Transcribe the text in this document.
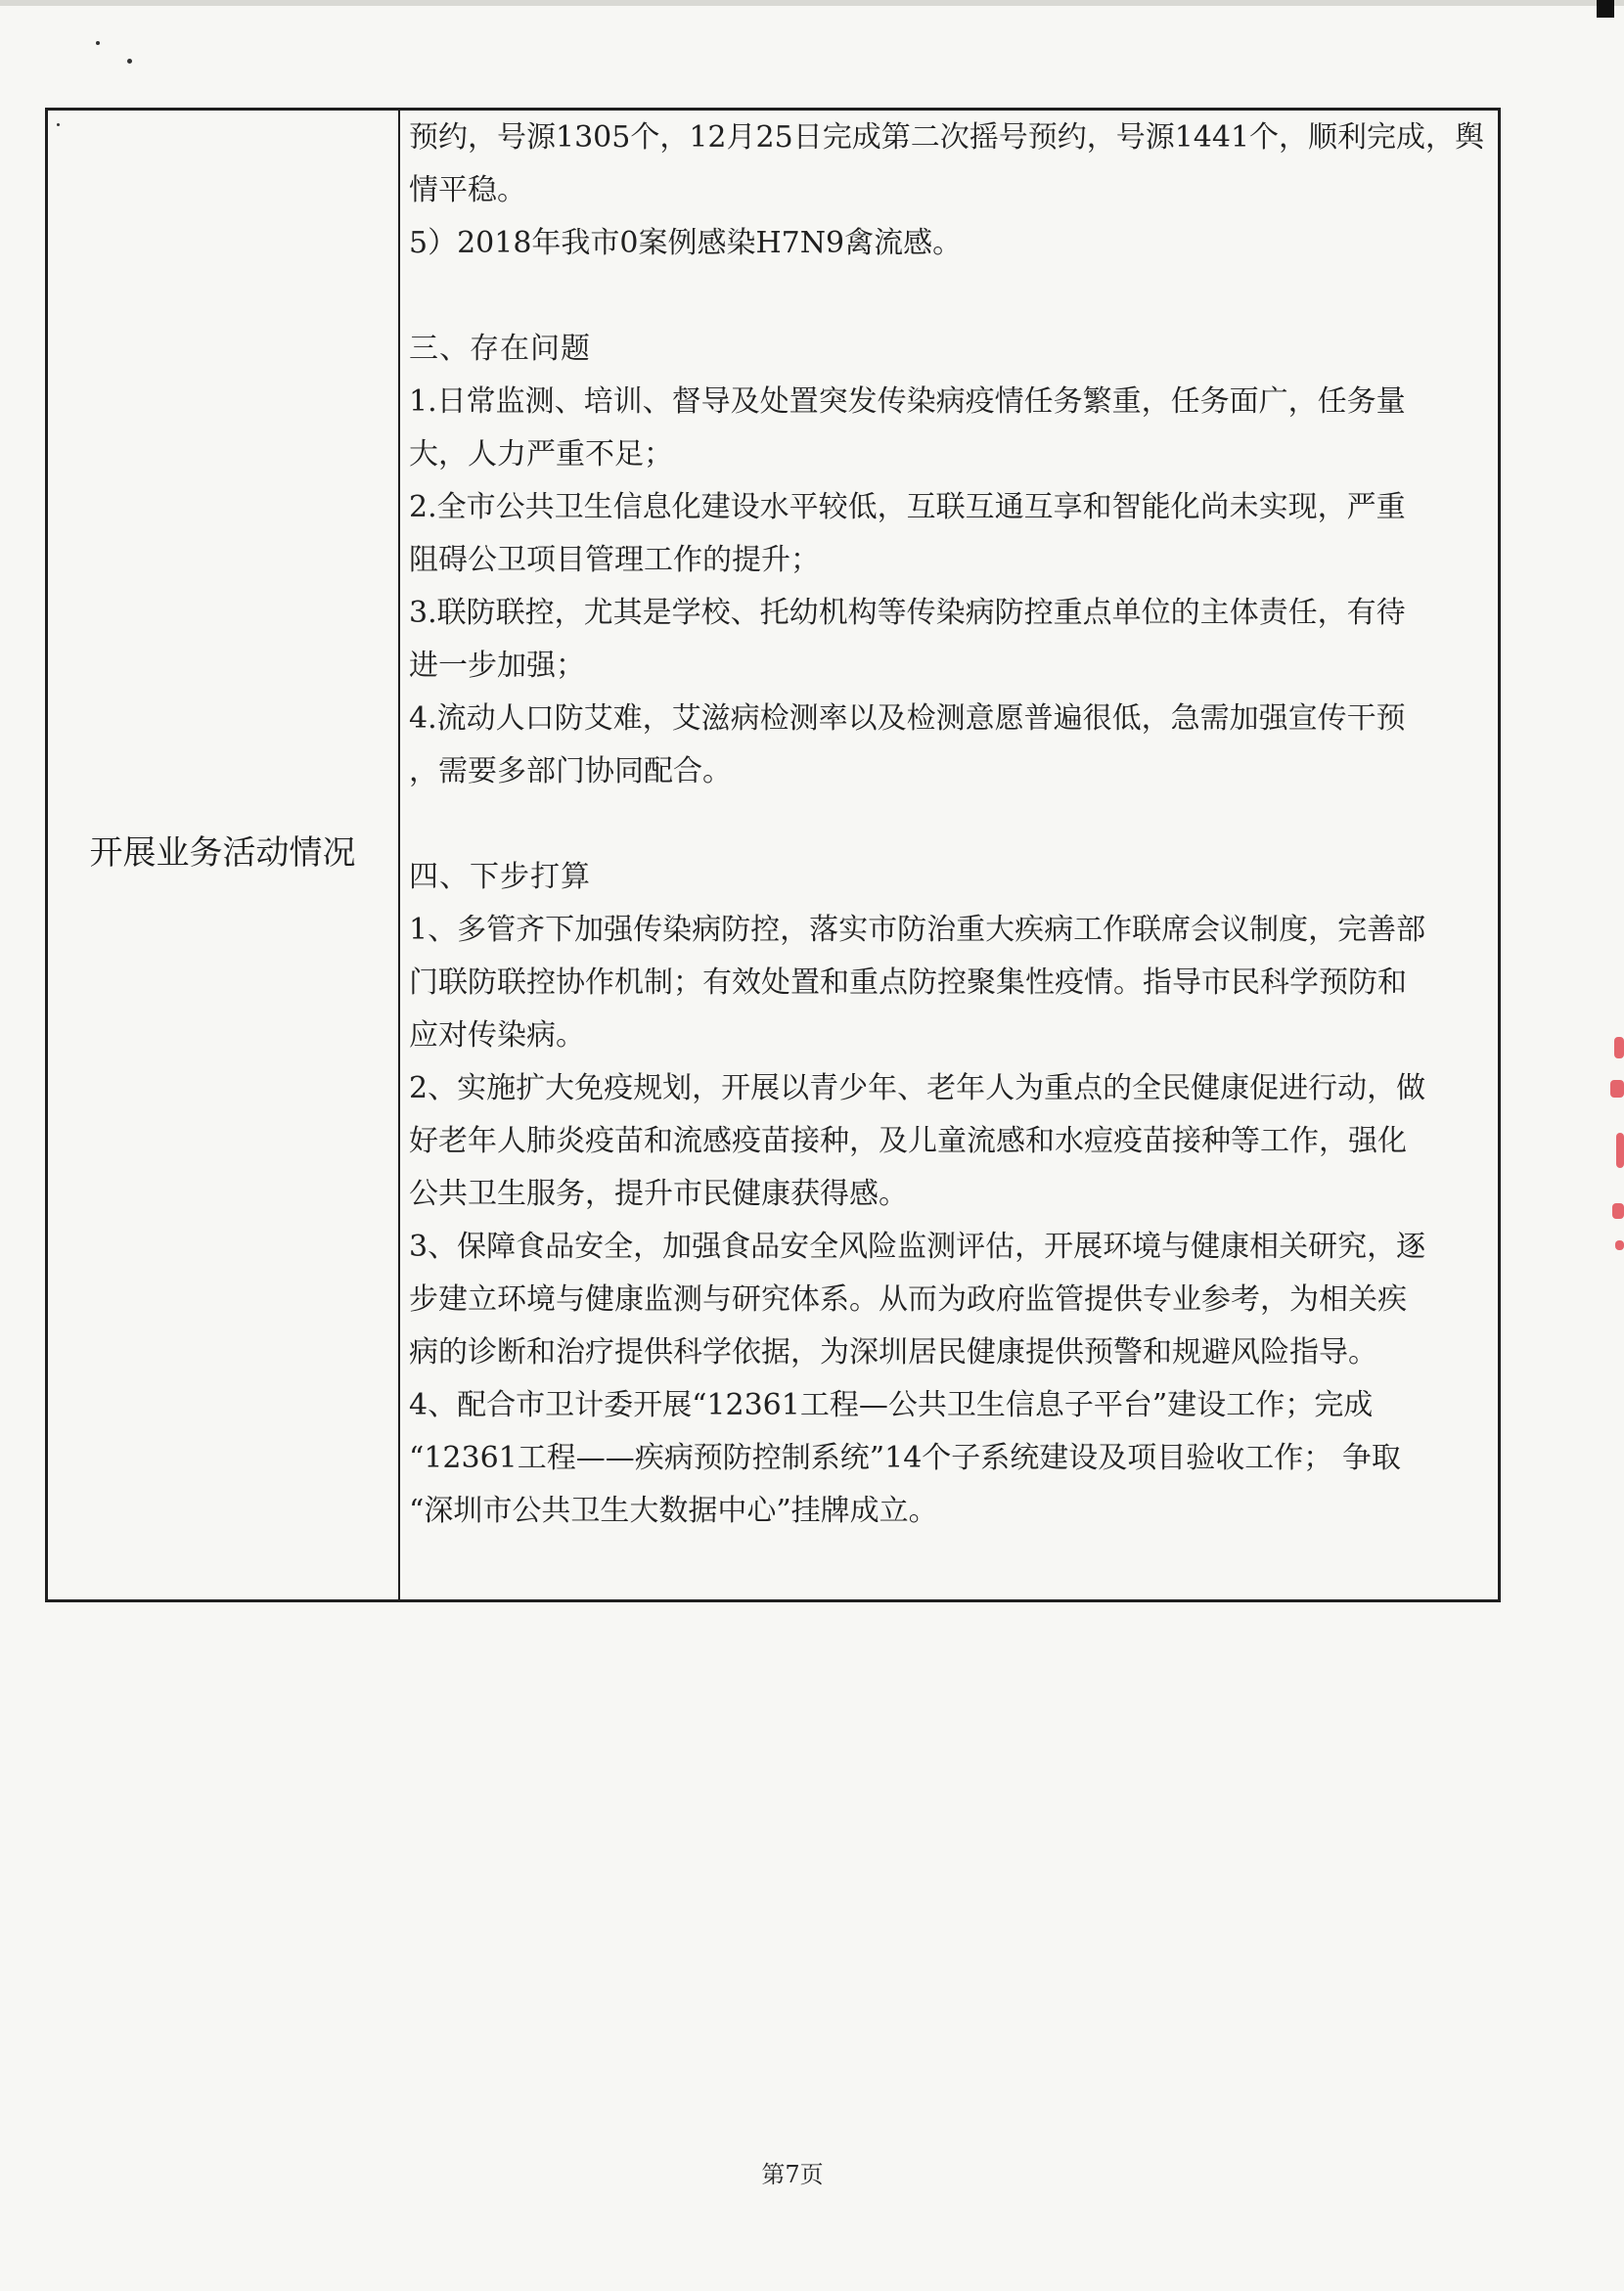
开展业务活动情况
预约，号源1305个，12月25日完成第二次摇号预约，号源1441个，顺利完成，舆
情平稳。
5）2018年我市0案例感染H7N9禽流感。
三、存在问题
1.日常监测、培训、督导及处置突发传染病疫情任务繁重，任务面广，任务量
大，人力严重不足；
2.全市公共卫生信息化建设水平较低，互联互通互享和智能化尚未实现，严重
阻碍公卫项目管理工作的提升；
3.联防联控，尤其是学校、托幼机构等传染病防控重点单位的主体责任，有待
进一步加强；
4.流动人口防艾难，艾滋病检测率以及检测意愿普遍很低，急需加强宣传干预
，需要多部门协同配合。
四、下步打算
1、多管齐下加强传染病防控，落实市防治重大疾病工作联席会议制度，完善部
门联防联控协作机制；有效处置和重点防控聚集性疫情。指导市民科学预防和
应对传染病。
2、实施扩大免疫规划，开展以青少年、老年人为重点的全民健康促进行动，做
好老年人肺炎疫苗和流感疫苗接种，及儿童流感和水痘疫苗接种等工作，强化
公共卫生服务，提升市民健康获得感。
3、保障食品安全，加强食品安全风险监测评估，开展环境与健康相关研究，逐
步建立环境与健康监测与研究体系。从而为政府监管提供专业参考，为相关疾
病的诊断和治疗提供科学依据，为深圳居民健康提供预警和规避风险指导。
4、配合市卫计委开展“12361工程—公共卫生信息子平台”建设工作；完成
“12361工程——疾病预防控制系统”14个子系统建设及项目验收工作； 争取
“深圳市公共卫生大数据中心”挂牌成立。
第7页
